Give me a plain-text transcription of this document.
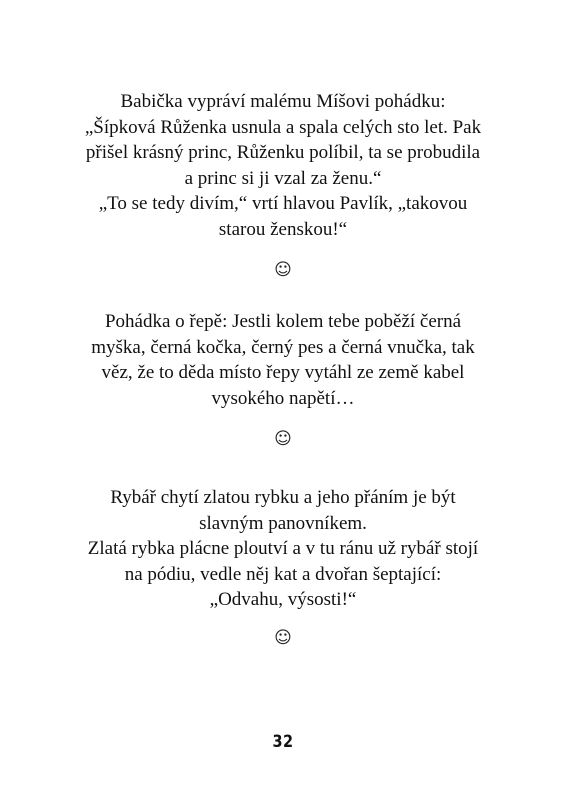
Babička vypráví malému Míšovi pohádku:
„Šípková Růženka usnula a spala celých sto let. Pak
přišel krásný princ, Růženku políbil, ta se probudila
a princ si ji vzal za ženu.“
„To se tedy divím,“ vrtí hlavou Pavlík, „takovou
starou ženskou!“
☺
Pohádka o řepě: Jestli kolem tebe poběží černá
myška, černá kočka, černý pes a černá vnučka, tak
věz, že to děda místo řepy vytáhl ze země kabel
vysokého napětí…
☺
Rybář chytí zlatou rybku a jeho přáním je být
slavným panovníkem.
Zlatá rybka plácne ploutví a v tu ránu už rybář stojí
na pódiu, vedle něj kat a dvořan šeptající:
„Odvahu, výsosti!“
☺
32
